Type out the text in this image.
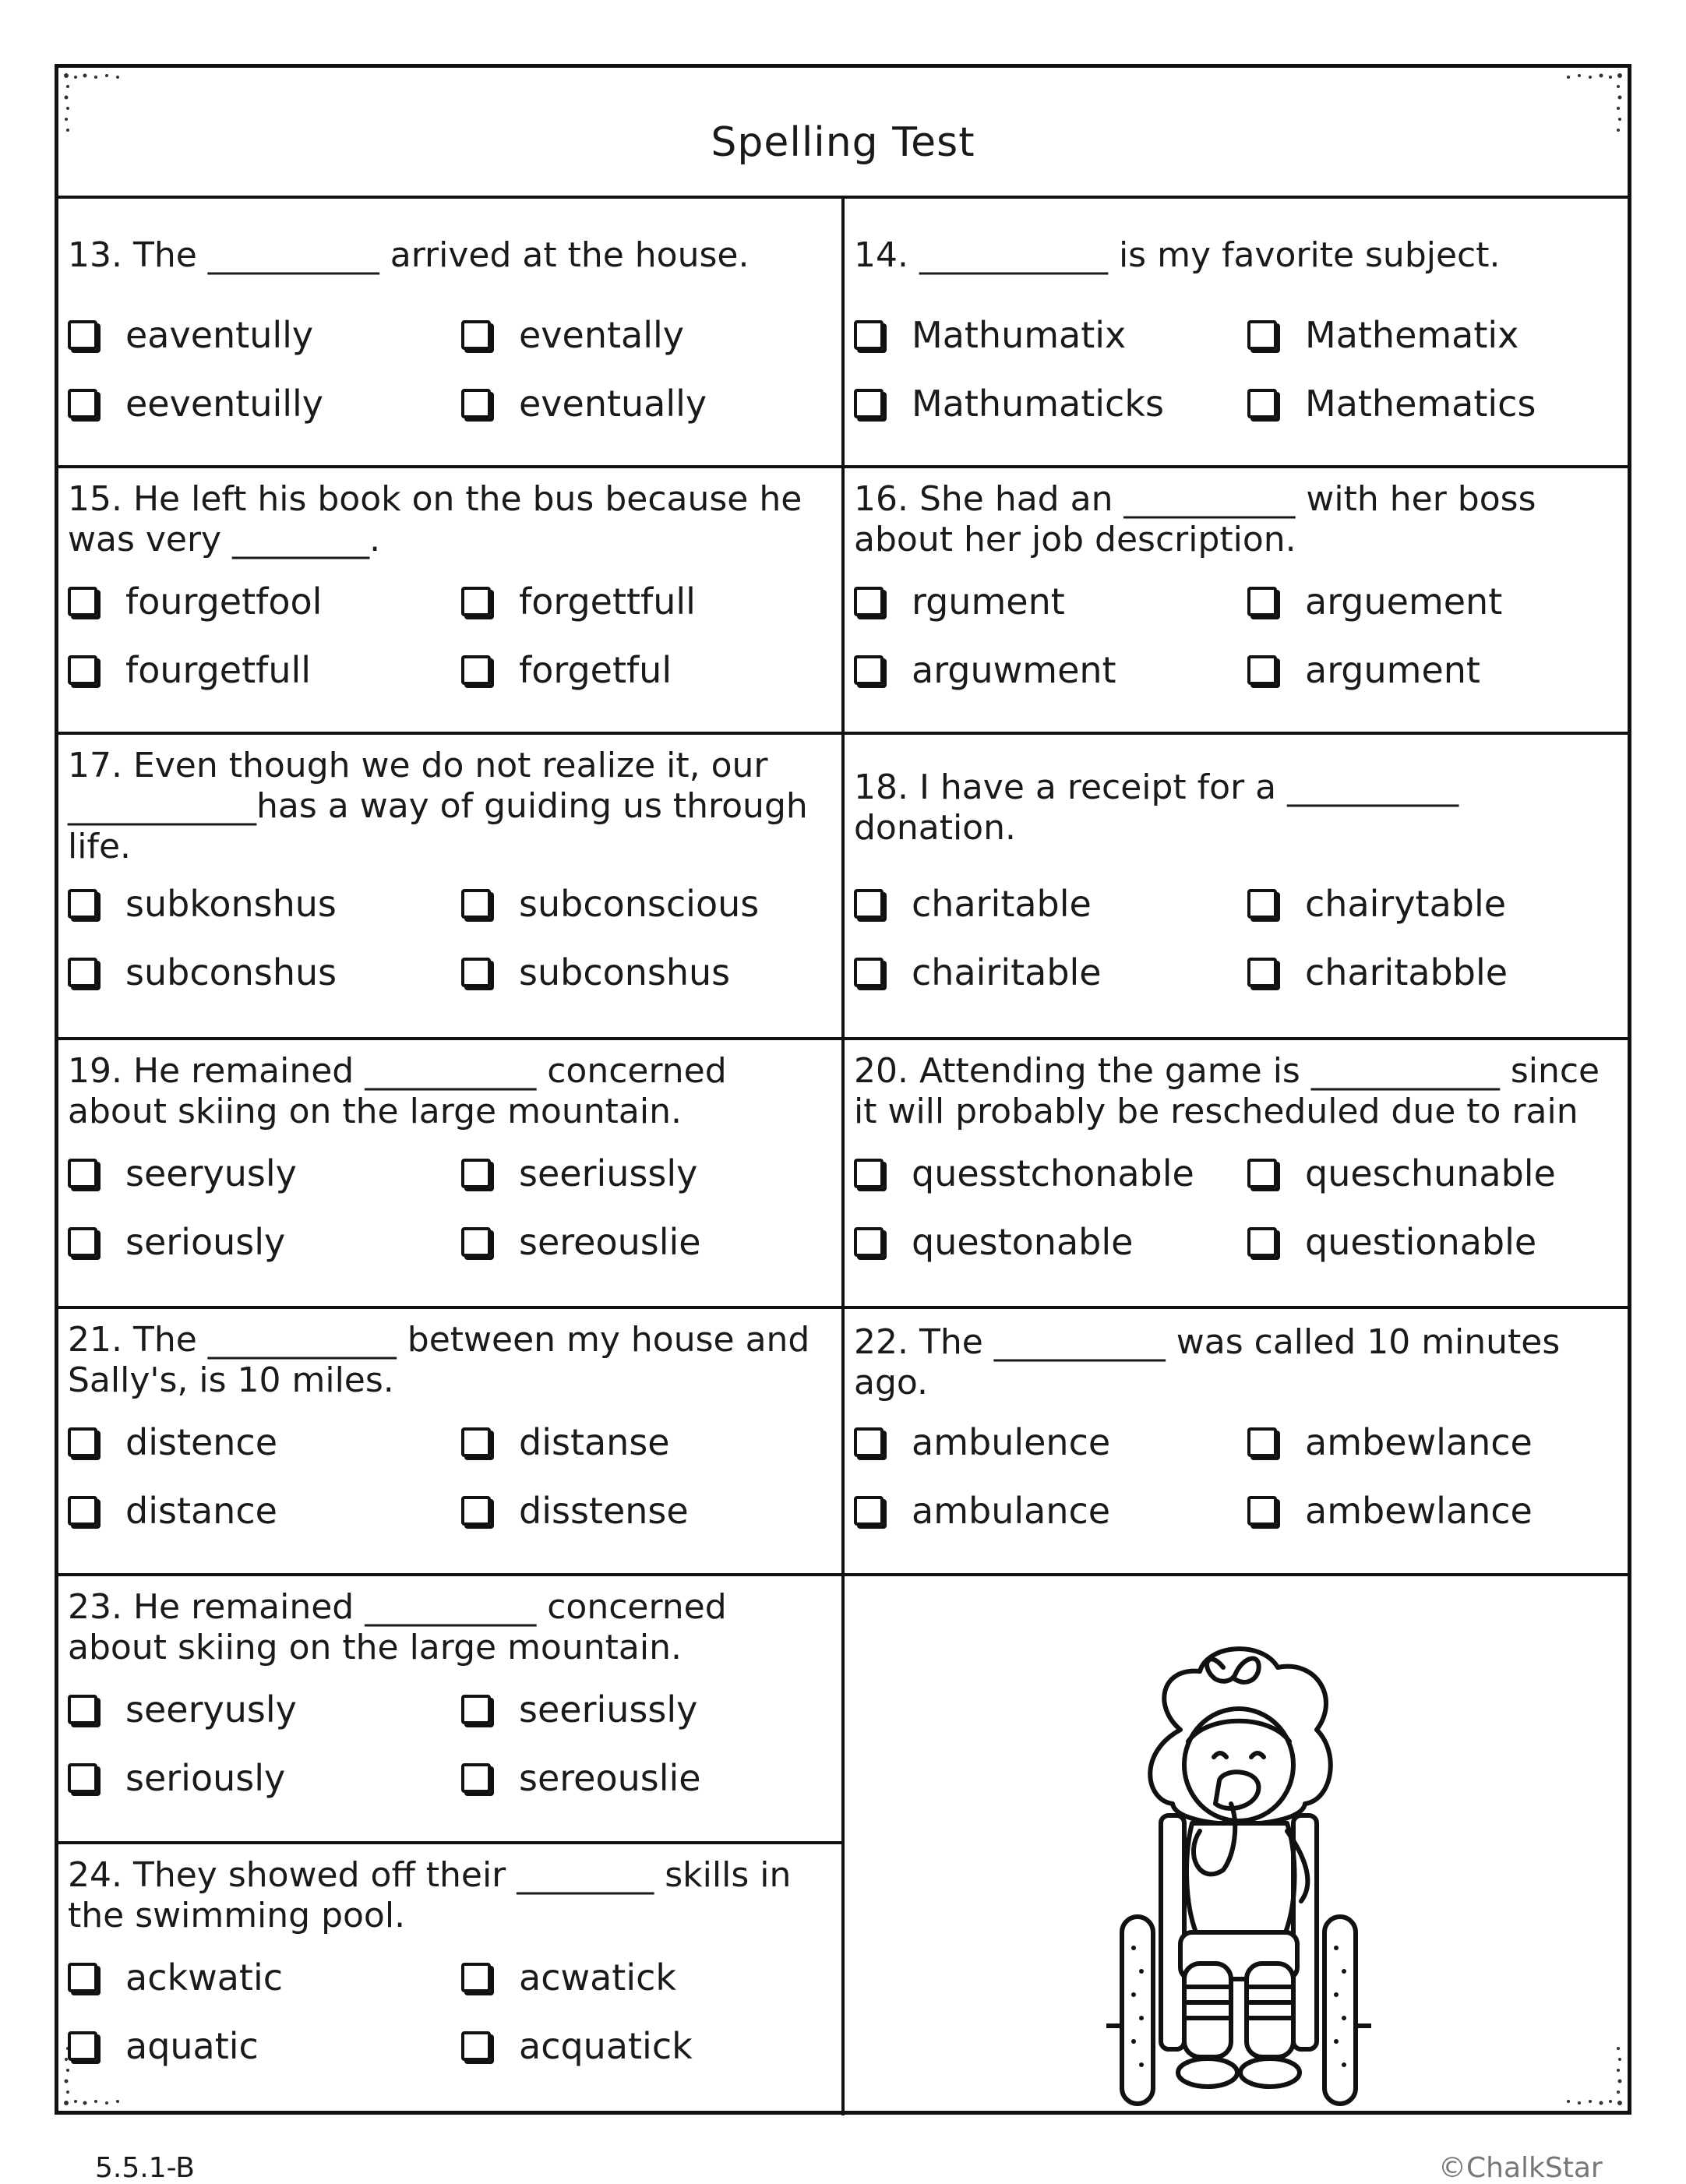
Spelling Test
13. The __________ arrived at the house.
eaventully	eventally
eeventuilly	eventually
14. ___________ is my favorite subject.
Mathumatix	Mathematix
Mathumaticks	Mathematics
15. He left his book on the bus because he was very ________.
fourgetfool	forgettfull
fourgetfull	forgetful
16. She had an __________ with her boss about her job description.
rgument	arguement
arguwment	argument
17. Even though we do not realize it, our ___________has a way of guiding us through life.
subkonshus	subconscious
subconshus	subconshus
18. I have a receipt for a __________ donation.
charitable	chairytable
chairitable	charitabble
19. He remained __________ concerned about skiing on the large mountain.
seeryusly	seeriussly
seriously	sereouslie
20. Attending the game is ___________ since it will probably be rescheduled due to rain
quesstchonable	queschunable
questonable	questionable
21. The ___________ between my house and Sally's, is 10 miles.
distence	distanse
distance	disstense
22. The __________ was called 10 minutes ago.
ambulence	ambewlance
ambulance	ambewlance
23. He remained __________ concerned about skiing on the large mountain.
seeryusly	seeriussly
seriously	sereouslie
24. They showed off their ________ skills in the swimming pool.
ackwatic	acwatick
aquatic	acquatick
5.5.1-B	©ChalkStar
